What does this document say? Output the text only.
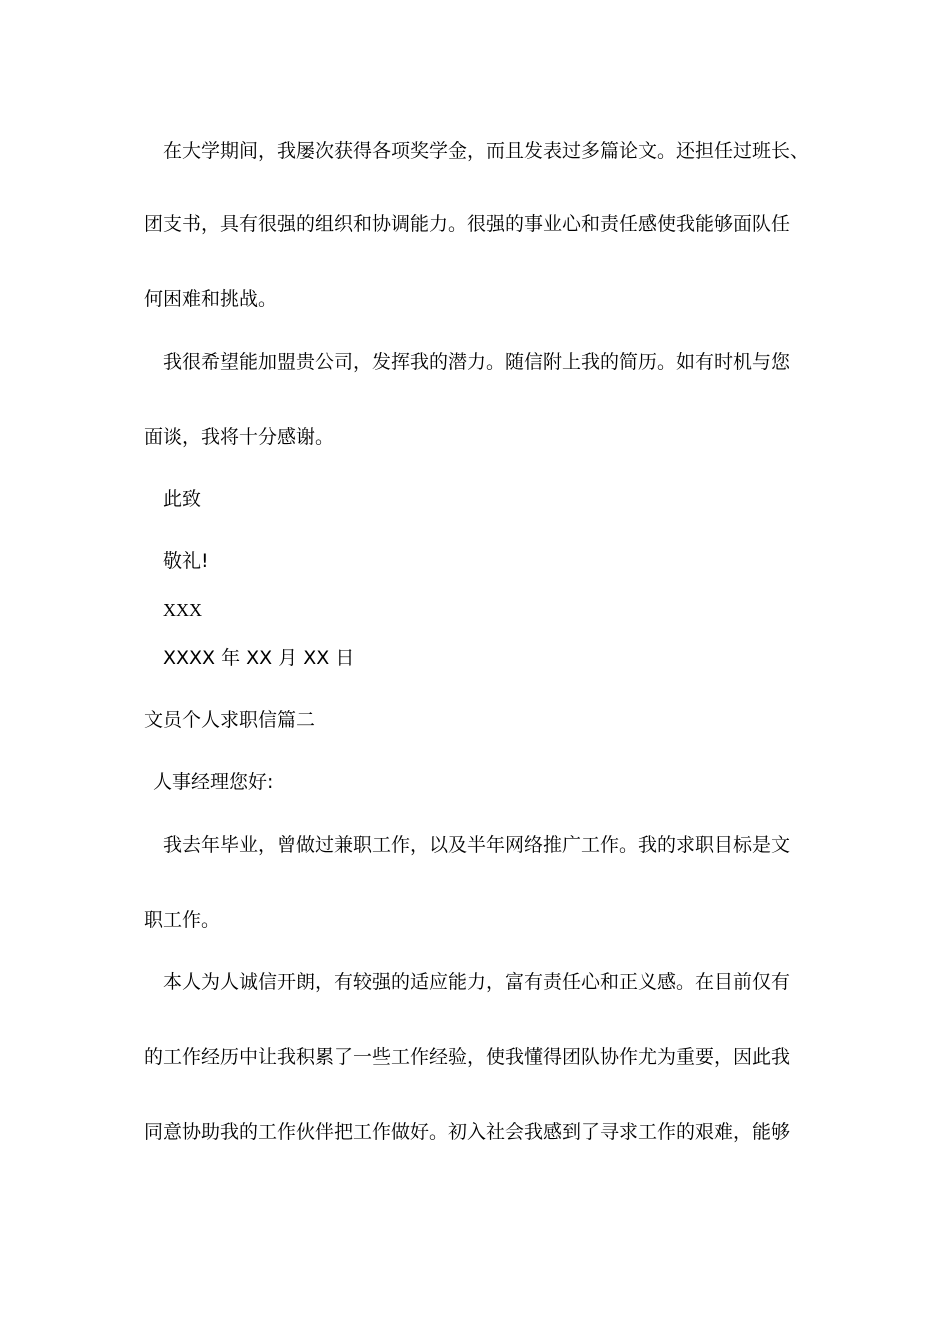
在大学期间，我屡次获得各项奖学金，而且发表过多篇论文。还担任过班长、
团支书，具有很强的组织和协调能力。很强的事业心和责任感使我能够面队任
何困难和挑战。
我很希望能加盟贵公司，发挥我的潜力。随信附上我的简历。如有时机与您
面谈，我将十分感谢。
此致
敬礼!
XXX
XXXX 年 XX 月 XX 日
文员个人求职信篇二
人事经理您好:
我去年毕业，曾做过兼职工作，以及半年网络推广工作。我的求职目标是文
职工作。
本人为人诚信开朗，有较强的适应能力，富有责任心和正义感。在目前仅有
的工作经历中让我积累了一些工作经验，使我懂得团队协作尤为重要，因此我
同意协助我的工作伙伴把工作做好。初入社会我感到了寻求工作的艰难，能够
